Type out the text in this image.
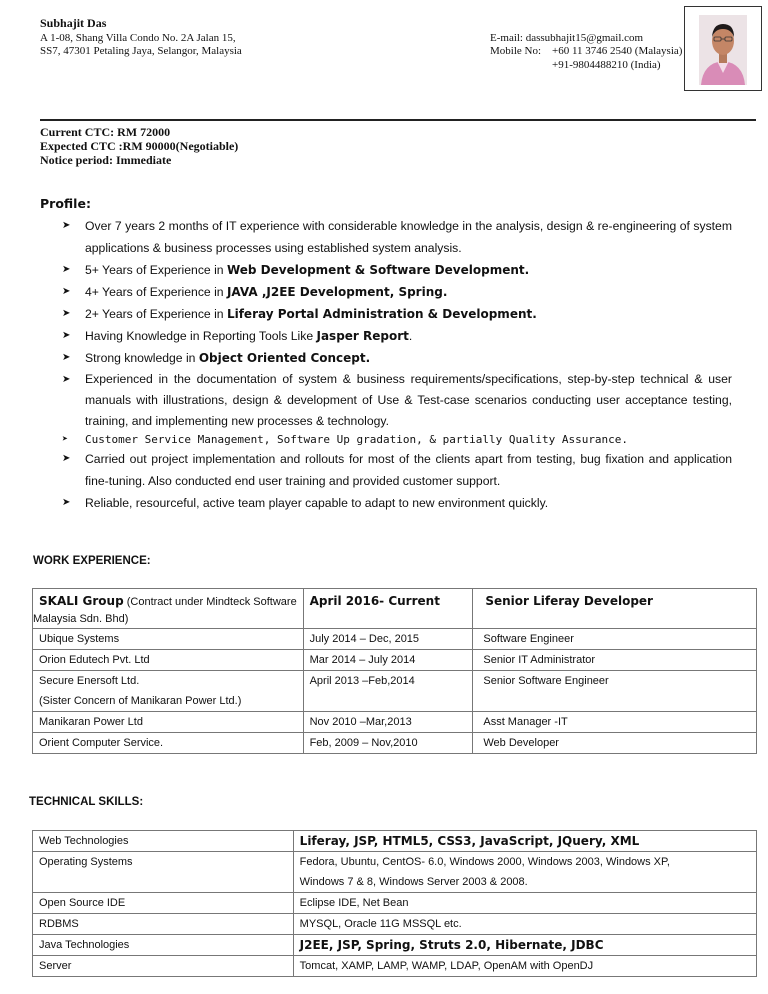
Subhajit Das
A 1-08, Shang Villa Condo No. 2A Jalan 15,
SS7, 47301 Petaling Jaya, Selangor, Malaysia
E-mail: dassubhajit15@gmail.com
Mobile No: +60 11 3746 2540 (Malaysia)
+91-9804488210 (India)
Current CTC: RM 72000
Expected CTC :RM 90000(Negotiable)
Notice period: Immediate
Profile:
➤ Over 7 years 2 months of IT experience with considerable knowledge in the analysis, design & re-engineering of system applications & business processes using established system analysis.
➤ 5+ Years of Experience in Web Development & Software Development.
➤ 4+ Years of Experience in JAVA ,J2EE Development, Spring.
➤ 2+ Years of Experience in Liferay Portal Administration & Development.
➤ Having Knowledge in Reporting Tools Like Jasper Report.
➤ Strong knowledge in Object Oriented Concept.
➤ Experienced in the documentation of system & business requirements/specifications, step-by-step technical & user manuals with illustrations, design & development of Use & Test-case scenarios conducting user acceptance testing, training, and implementing new processes & technology.
➤ Customer Service Management, Software Up gradation, & partially Quality Assurance.
➤ Carried out project implementation and rollouts for most of the clients apart from testing, bug fixation and application fine-tuning. Also conducted end user training and provided customer support.
➤ Reliable, resourceful, active team player capable to adapt to new environment quickly.
WORK EXPERIENCE:
SKALI Group (Contract under Mindteck Software
Malaysia Sdn. Bhd)	April 2016- Current	Senior Liferay Developer
Ubique Systems	July 2014 – Dec, 2015	Software Engineer
Orion Edutech Pvt. Ltd	Mar 2014 – July 2014	Senior IT Administrator

Secure Enersoft Ltd.
(Sister Concern of Manikaran Power Ltd.)	April 2013 –Feb,2014	Senior Software Engineer
Manikaran Power Ltd	Nov 2010 –Mar,2013	Asst Manager -IT
Orient Computer Service.	Feb, 2009 – Nov,2010	Web Developer
TECHNICAL SKILLS:
Web Technologies	Liferay, JSP, HTML5, CSS3, JavaScript, JQuery, XML
Operating Systems	Fedora, Ubuntu, CentOS- 6.0, Windows 2000, Windows 2003, Windows XP,
Windows 7 & 8, Windows Server 2003 & 2008.

Open Source IDE	Eclipse IDE, Net Bean
RDBMS	MYSQL, Oracle 11G MSSQL etc.
Java Technologies	J2EE, JSP, Spring, Struts 2.0, Hibernate, JDBC
Server	Tomcat, XAMP, LAMP, WAMP, LDAP, OpenAM with OpenDJ
